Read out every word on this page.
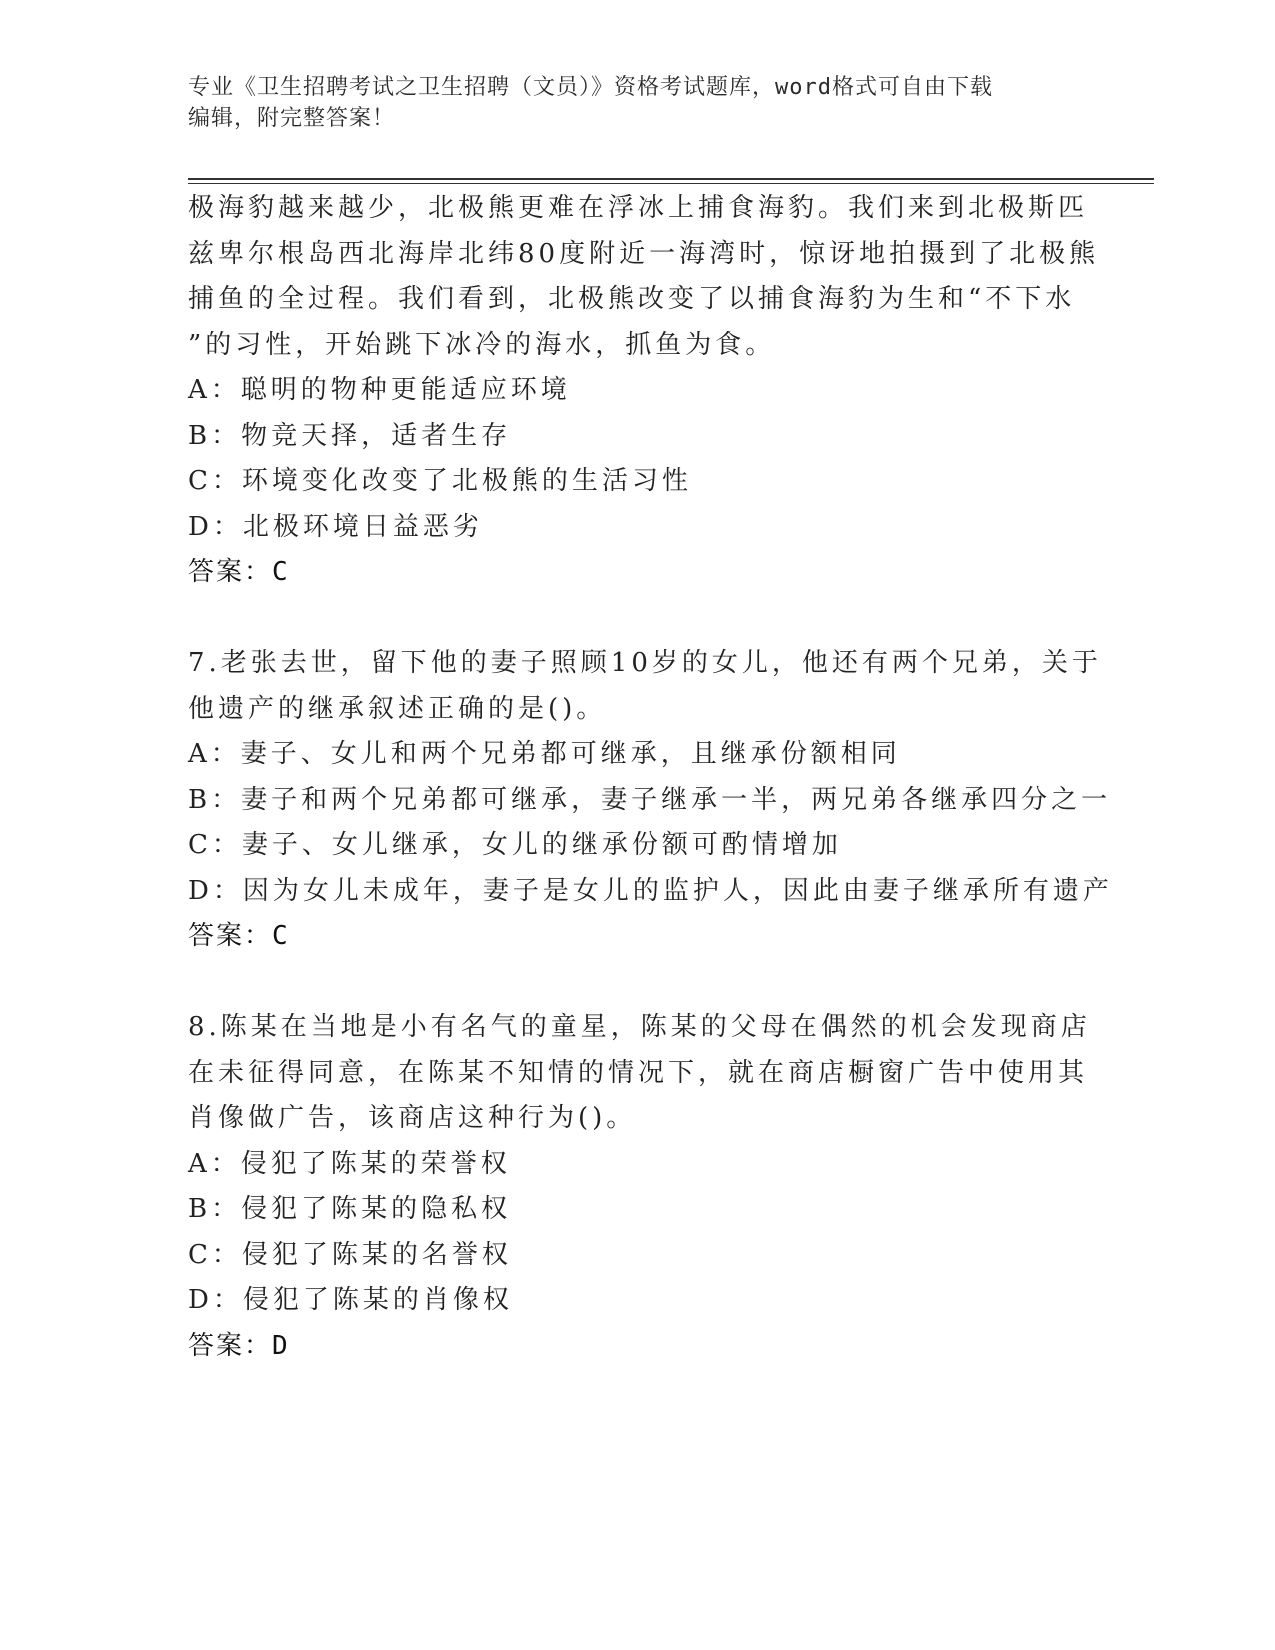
专业《卫生招聘考试之卫生招聘（文员）》资格考试题库，word格式可自由下载
编辑，附完整答案！
极海豹越来越少，北极熊更难在浮冰上捕食海豹。我们来到北极斯匹
兹卑尔根岛西北海岸北纬80度附近一海湾时，惊讶地拍摄到了北极熊
捕鱼的全过程。我们看到，北极熊改变了以捕食海豹为生和“不下水
”的习性，开始跳下冰冷的海水，抓鱼为食。
A：聪明的物种更能适应环境
B：物竞天择，适者生存
C：环境变化改变了北极熊的生活习性
D：北极环境日益恶劣
答案：C
7.老张去世，留下他的妻子照顾10岁的女儿，他还有两个兄弟，关于
他遗产的继承叙述正确的是()。
A：妻子、女儿和两个兄弟都可继承，且继承份额相同
B：妻子和两个兄弟都可继承，妻子继承一半，两兄弟各继承四分之一
C：妻子、女儿继承，女儿的继承份额可酌情增加
D：因为女儿未成年，妻子是女儿的监护人，因此由妻子继承所有遗产
答案：C
8.陈某在当地是小有名气的童星，陈某的父母在偶然的机会发现商店
在未征得同意，在陈某不知情的情况下，就在商店橱窗广告中使用其
肖像做广告，该商店这种行为()。
A：侵犯了陈某的荣誉权
B：侵犯了陈某的隐私权
C：侵犯了陈某的名誉权
D：侵犯了陈某的肖像权
答案：D
